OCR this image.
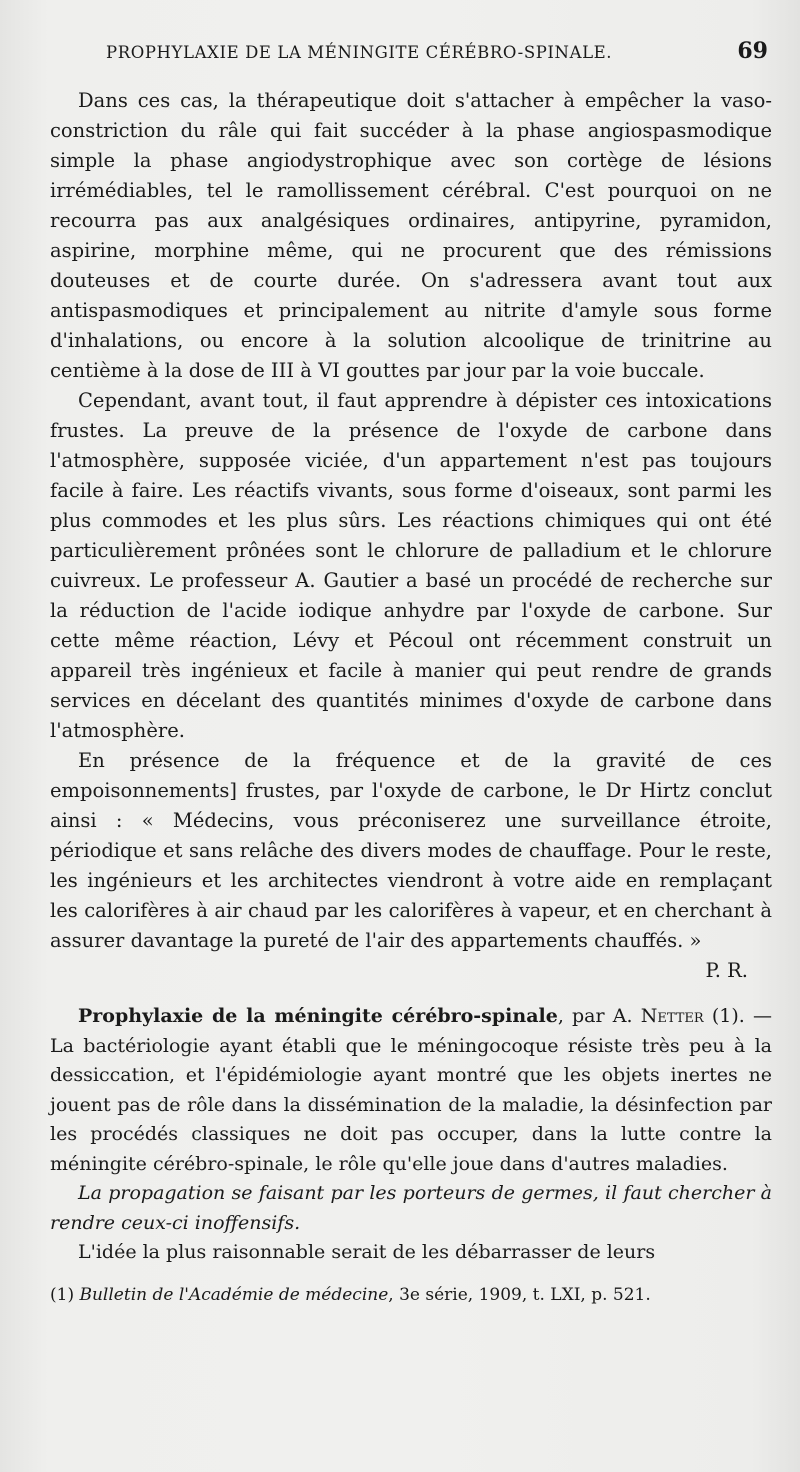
PROPHYLAXIE DE LA MÉNINGITE CÉRÉBRO-SPINALE.	69

Dans ces cas, la thérapeutique doit s'attacher à empêcher la vaso-constriction du râle qui fait succéder à la phase angiospasmodique simple la phase angiodystrophique avec son cortège de lésions irrémédiables, tel le ramollissement cérébral. C'est pourquoi on ne recourra pas aux analgésiques ordinaires, antipyrine, pyramidon, aspirine, morphine même, qui ne procurent que des rémissions douteuses et de courte durée. On s'adressera avant tout aux antispasmodiques et principalement au nitrite d'amyle sous forme d'inhalations, ou encore à la solution alcoolique de trinitrine au centième à la dose de III à VI gouttes par jour par la voie buccale.

Cependant, avant tout, il faut apprendre à dépister ces intoxications frustes. La preuve de la présence de l'oxyde de carbone dans l'atmosphère, supposée viciée, d'un appartement n'est pas toujours facile à faire. Les réactifs vivants, sous forme d'oiseaux, sont parmi les plus commodes et les plus sûrs. Les réactions chimiques qui ont été particulièrement prônées sont le chlorure de palladium et le chlorure cuivreux. Le professeur A. Gautier a basé un procédé de recherche sur la réduction de l'acide iodique anhydre par l'oxyde de carbone. Sur cette même réaction, Lévy et Pécoul ont récemment construit un appareil très ingénieux et facile à manier qui peut rendre de grands services en décelant des quantités minimes d'oxyde de carbone dans l'atmosphère.

En présence de la fréquence et de la gravité de ces empoisonnements] frustes, par l'oxyde de carbone, le Dr Hirtz conclut ainsi : « Médecins, vous préconiserez une surveillance étroite, périodique et sans relâche des divers modes de chauffage. Pour le reste, les ingénieurs et les architectes viendront à votre aide en remplaçant les calorifères à air chaud par les calorifères à vapeur, et en cherchant à assurer davantage la pureté de l'air des appartements chauffés. »
P. R.

Prophylaxie de la méningite cérébro-spinale, par A. Netter (1). — La bactériologie ayant établi que le méningocoque résiste très peu à la dessiccation, et l'épidémiologie ayant montré que les objets inertes ne jouent pas de rôle dans la dissémination de la maladie, la désinfection par les procédés classiques ne doit pas occuper, dans la lutte contre la méningite cérébro-spinale, le rôle qu'elle joue dans d'autres maladies.

La propagation se faisant par les porteurs de germes, il faut chercher à rendre ceux-ci inoffensifs.

L'idée la plus raisonnable serait de les débarrasser de leurs

(1) Bulletin de l'Académie de médecine, 3e série, 1909, t. LXI, p. 521.
